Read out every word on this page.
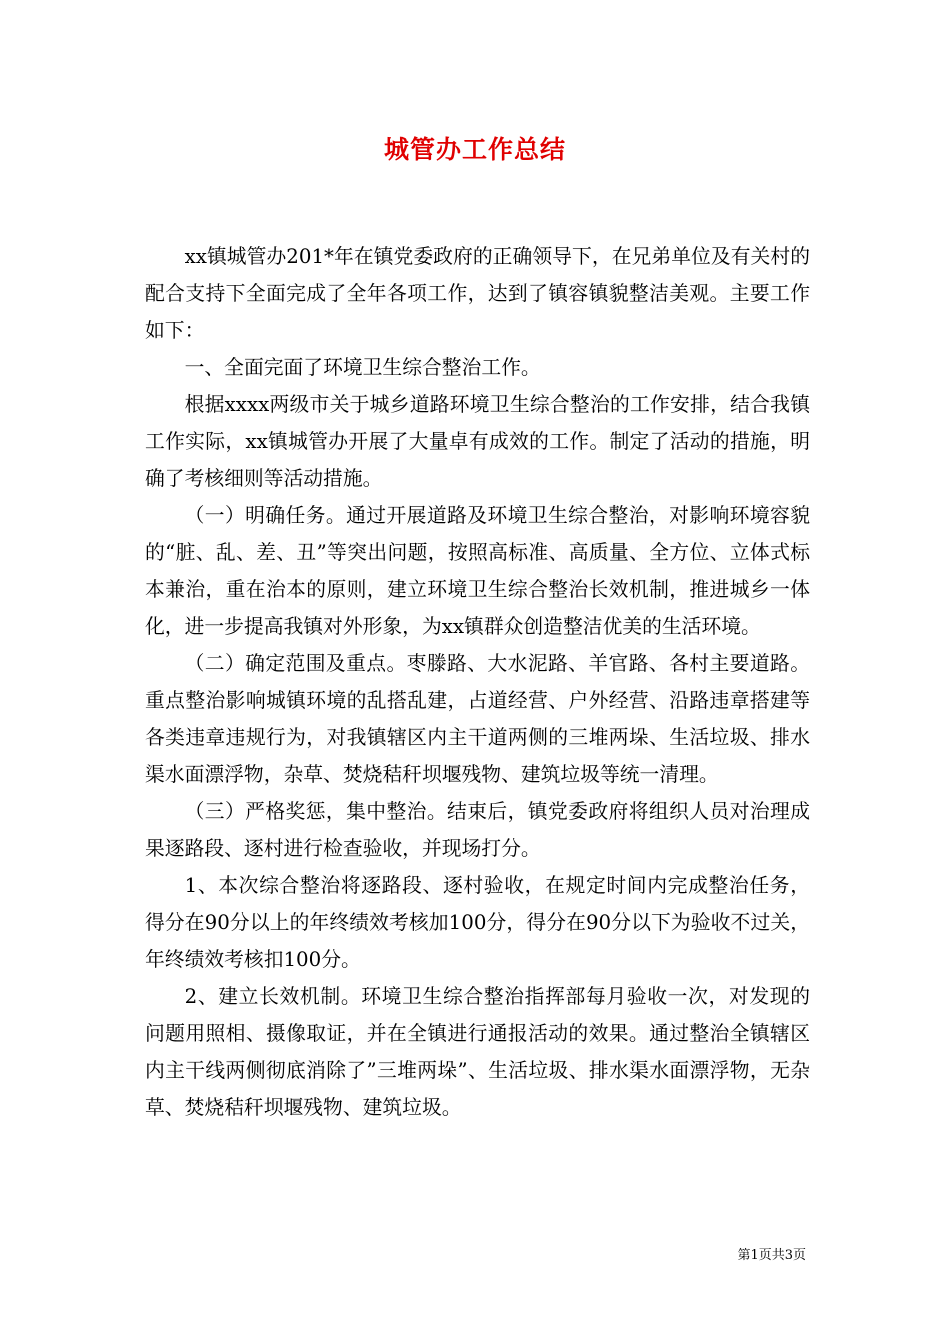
城管办工作总结

xx镇城管办201*年在镇党委政府的正确领导下，在兄弟单位及有关村的配合支持下全面完成了全年各项工作，达到了镇容镇貌整洁美观。主要工作如下：

一、全面完面了环境卫生综合整治工作。

根据xxxx两级市关于城乡道路环境卫生综合整治的工作安排，结合我镇工作实际，xx镇城管办开展了大量卓有成效的工作。制定了活动的措施，明确了考核细则等活动措施。

（一）明确任务。通过开展道路及环境卫生综合整治，对影响环境容貌的“脏、乱、差、丑”等突出问题，按照高标准、高质量、全方位、立体式标本兼治，重在治本的原则，建立环境卫生综合整治长效机制，推进城乡一体化，进一步提高我镇对外形象，为xx镇群众创造整洁优美的生活环境。

（二）确定范围及重点。枣滕路、大水泥路、羊官路、各村主要道路。重点整治影响城镇环境的乱搭乱建，占道经营、户外经营、沿路违章搭建等各类违章违规行为，对我镇辖区内主干道两侧的三堆两垛、生活垃圾、排水渠水面漂浮物，杂草、焚烧秸秆坝堰残物、建筑垃圾等统一清理。

（三）严格奖惩，集中整治。结束后，镇党委政府将组织人员对治理成果逐路段、逐村进行检查验收，并现场打分。

1、本次综合整治将逐路段、逐村验收，在规定时间内完成整治任务，得分在90分以上的年终绩效考核加100分，得分在90分以下为验收不过关，年终绩效考核扣100分。

2、建立长效机制。环境卫生综合整治指挥部每月验收一次，对发现的问题用照相、摄像取证，并在全镇进行通报活动的效果。通过整治全镇辖区内主干线两侧彻底消除了”三堆两垛”、生活垃圾、排水渠水面漂浮物，无杂草、焚烧秸秆坝堰残物、建筑垃圾。

第1页共3页
